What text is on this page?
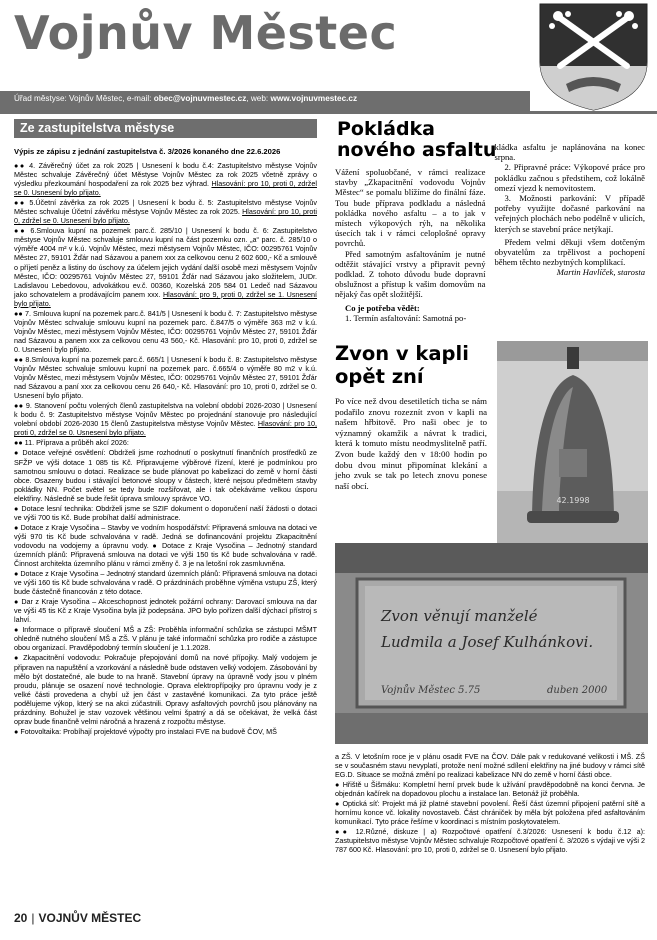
Vojnův Městec
Úřad městyse: Vojnův Městec, e-mail: obec@vojnuvmestec.cz, web: www.vojnuvmestec.cz
Ze zastupitelstva městyse
Výpis ze zápisu z jednání zastupitelstva č. 3/2026 konaného dne 22.6.2026

●● 4. Závěrečný účet za rok 2025 | Usnesení k bodu č.4: Zastupitelstvo městyse Vojnův Městec schvaluje Závěrečný účet Městyse Vojnův Městec za rok 2025 včetně zprávy o výsledku přezkoumání hospodaření za rok 2025 bez výhrad. Hlasování: pro 10, proti 0, zdržel se 0. Usnesení bylo přijato.

●● 5.Účetní závěrka za rok 2025 | Usnesení k bodu č. 5: Zastupitelstvo městyse Vojnův Městec schvaluje Účetní závěrku městyse Vojnův Městec za rok 2025. Hlasování: pro 10, proti 0, zdržel se 0. Usnesení bylo přijato.

●● 6.Smlouva kupní na pozemek parc.č. 285/10 | Usnesení k bodu č. 6: Zastupitelstvo městyse Vojnův Městec schvaluje smlouvu kupní na část pozemku ozn. „a“ parc. č. 285/10 o výměře 4004 m² v k.ú. Vojnův Městec, mezi městysem Vojnův Městec, IČO: 00295761 Vojnův Městec 27, 59101 Žďár nad Sázavou a panem xxx za celkovou cenu 2 602 600,- Kč a smlouvě o příjetí peněz a listiny do úschovy za účelem jejich vydání další osobě mezi městysem Vojnův Městec, IČO: 00295761 Vojnův Městec 27, 59101 Žďár nad Sázavou jako složitelem, JUDr. Ladislavou Lebedovou, advokátkou ev.č. 00360, Kozelská 205 584 01 Ledeč nad Sázavou jako schovatelem a prodávajícím panem xxx. Hlasování: pro 9, proti 0, zdržel se 1. Usnesení bylo přijato.

●● 7. Smlouva kupní na pozemek parc.č. 841/5 | Usnesení k bodu č. 7: Zastupitelstvo městyse Vojnův Městec schvaluje smlouvu kupní na pozemek parc. č.847/5 o výměře 363 m2 v k.ú. Vojnův Městec, mezi městysem Vojnův Městec, IČO: 00295761 Vojnův Městec 27, 59101 Žďár nad Sázavou a panem xxx za celkovou cenu 43 560,- Kč. Hlasování: pro 10, proti 0, zdržel se 0. Usnesení bylo přijato.

●● 8.Smlouva kupní na pozemek parc.č. 665/1 | Usnesení k bodu č. 8: Zastupitelstvo městyse Vojnův Městec schvaluje smlouvu kupní na pozemek parc. č.665/4 o výměře 80 m2 v k.ú. Vojnův Městec, mezi městysem Vojnův Městec, IČO: 00295761 Vojnův Městec 27, 59101 Žďár nad Sázavou a paní xxx za celkovou cenu 26 640,- Kč. Hlasování: pro 10, proti 0, zdržel se 0. Usnesení bylo přijato.

●● 9. Stanovení počtu volených členů zastupitelstva na volební období 2026-2030 | Usnesení k bodu č. 9: Zastupitelstvo městyse Vojnův Městec po projednání stanovuje pro následující volební období 2026-2030 15 členů Zastupitelstva městyse Vojnův Městec. Hlasování: pro 10, proti 0, zdržel se 0. Usnesení bylo přijato.

●● 11. Příprava a průběh akcí 2026:

● Dotace veřejné osvětlení: Obdrželi jsme rozhodnutí o poskytnutí finančních prostředků ze SFŽP ve výši dotace 1 085 tis Kč. Připravujeme výběrové řízení, které je podmínkou pro samotnou smlouvu o dotaci. Realizace se bude plánovat po kabelizaci do země v horní části obce. Osazeny budou i stávající betonové sloupy v částech, které nejsou předmětem stavby pokládky NN. Počet světel se tedy bude rozšiřovat, ale i tak očekáváme velkou úsporu elektřiny. Následně se bude řešit úprava smlouvy správce VO.

● Dotace lesní technika: Obdrželi jsme se SZIF dokument o doporučení naší žádosti o dotaci ve výši 700 tis Kč. Bude probíhat další administrace.

● Dotace z Kraje Vysočina – Stavby ve vodním hospodářství: Připravená smlouva na dotaci ve výši 970 tis Kč bude schvalována v radě. Jedná se dofinancování projektu Zkapacitnění vodovodu na vodojemy a úpravnu vody. ● Dotace z Kraje Vysočina – Jednotný standard územních plánů: Připravená smlouva na dotaci ve výši 150 tis Kč bude schvalována v radě. Činnost architekta územního plánu v rámci změny č. 3 je na letošní rok zasmluvněna.

● Dotace z Kraje Vysočina – Jednotný standard územních plánů: Připravená smlouva na dotaci ve výši 160 tis Kč bude schvalována v radě. O prázdninách proběhne výměna vstupu ZŠ, který bude částečně financován z této dotace.

● Dar z Kraje Vysočina – Akceschopnost jednotek požární ochrany: Darovací smlouva na dar ve výši 45 tis Kč z Kraje Vysočina byla již podepsána. JPO bylo pořízen další dýchací přístroj s lahví.

● Informace o přípravě sloučení MŠ a ZŠ: Proběhla informační schůzka se zástupci MŠMT ohledně nutného sloučení MŠ a ZŠ. V plánu je také informační schůzka pro rodiče a zástupce obou organizací. Pravděpodobný termín sloučení je 1.1.2028.

● Zkapacitnění vodovodu: Pokračuje přepojování domů na nové přípojky. Malý vodojem je připraven na napuštění a vzorkování a následně bude odstaven velký vodojem. Zásobování by mělo být dostatečné, ale bude to na hraně. Stavební úpravy na úpravně vody jsou v plném proudu, plánuje se osazení nové technologie. Oprava elektropřípojky pro úpravnu vody je z velké části provedena a chybí už jen část v zastavěné komunikaci. Za tyto práce ještě podělujeme výkop, který se na akci zúčastnili. Opravy asfaltových povrchů jsou plánovány na prázdniny. Bohužel je stav vozovek většinou velmi špatný a dá se očekávat, že velká část oprav bude finančně velmi náročná a hrazená z rozpočtu městyse.

● Fotovoltaika: Probíhají projektové výpočty pro instalaci FVE na budově ČOV, MŠ

Pokládka nového asfaltu

Vážení spoluobčané, v rámci realizace stavby „Zkapacitnění vodovodu Vojnův Městec“ se pomalu blížíme do finální fáze. Tou bude příprava podkladu a následná pokládka nového asfaltu – a to jak v místech výkopových rýh, na několika úsecích tak i v rámci celoplošné opravy povrchů.

Před samotným asfaltováním je nutné odtěžit stávající vrstvy a připravit pevný podklad. Z tohoto důvodu bude dopravní obslužnost a přístup k vašim domovům na nějaký čas opět složitější.

Co je potřeba vědět:

1. Termín asfaltování: Samotná po-

kládka asfaltu je naplánována na konec srpna.

2. Připravné práce: Výkopové práce pro pokládku začnou s předstihem, což lokálně omezí vjezd k nemovitostem.

3. Možnosti parkování: V případě potřeby využijte dočasné parkování na veřejných plochách nebo podélně v ulicích, kterých se stavební práce netýkají.

Předem velmi děkuji všem dotčeným obyvatelům za trpělivost a pochopení během těchto nezbytných komplikací.

Martin Havlíček, starosta

Zvon v kapli opět zní
Po více než dvou desetiletích ticha se nám podařilo znovu rozeznít zvon v kapli na našem hřbitově. Pro naši obec je to významný okamžik a návrat k tradici, která k tomuto místu neodmyslitelně patří. Zvon bude každý den v 18:00 hodin po dobu dvou minut připomínat klekání a jeho zvuk se tak po letech znovu ponese naší obcí.
42.1998
Zvon věnují manželé
Ludmila a Josef Kulhánkovi.
Vojnův Městec 5.75	duben 2000

a ZŠ. V letošním roce je v plánu osadit FVE na ČOV. Dále pak v redukované velikosti i MŠ. ZŠ se v současném stavu nevyplatí, protože není možné sdílení elektřiny na jiné budovy v rámci sítě EG.D. Situace se možná změní po realizaci kabelizace NN do země v horní části obce.

● Hřiště u Šišmáku: Kompletní herní prvek bude k užívání pravděpodobně na konci června. Je objednán kačírek na dopadovou plochu a instalace lan. Betonáž již proběhla.

● Optická síť: Projekt má již platné stavební povolení. Řeší část územní připojení patěrní sítě a hornímu konce vč. lokality novostaveb. Část chrániček by měla být položena před asfaltováním komunikací. Tyto práce řešíme v koordinaci s místním poskytovatelem.

●● 12.Různé, diskuze | a) Rozpočtové opatření č.3/2026: Usnesení k bodu č.12 a): Zastupitelstvo městyse Vojnův Městec schvaluje Rozpočtové opatření č. 3/2026 s výdaji ve výši 2 787 600 Kč. Hlasování: pro 10, proti 0, zdržel se 0. Usnesení bylo přijato.

20 | VOJNŮV MĚSTEC
